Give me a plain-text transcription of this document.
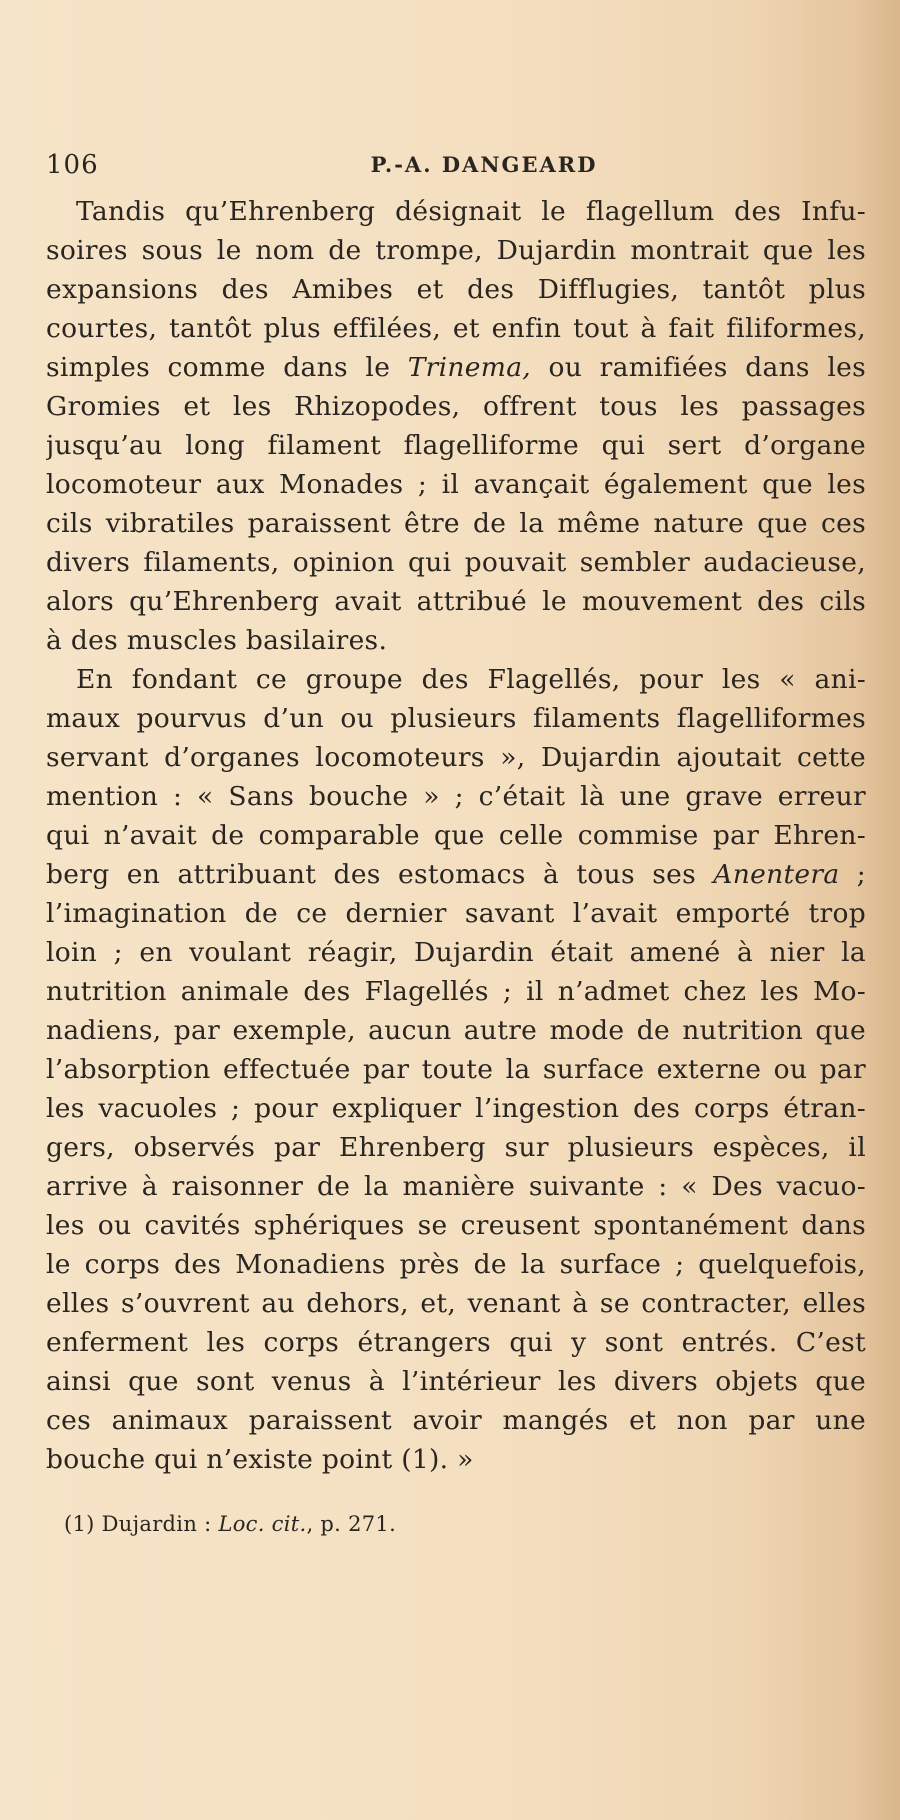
106	P.-A. DANGEARD
Tandis qu’Ehrenberg désignait le flagellum des Infu-
soires sous le nom de trompe, Dujardin montrait que les
expansions des Amibes et des Difflugies, tantôt plus
courtes, tantôt plus effilées, et enfin tout à fait filiformes,
simples comme dans le Trinema, ou ramifiées dans les
Gromies et les Rhizopodes, offrent tous les passages
jusqu’au long filament flagelliforme qui sert d’organe
locomoteur aux Monades ; il avançait également que les
cils vibratiles paraissent être de la même nature que ces
divers filaments, opinion qui pouvait sembler audacieuse,
alors qu’Ehrenberg avait attribué le mouvement des cils
à des muscles basilaires.
En fondant ce groupe des Flagellés, pour les « ani-
maux pourvus d’un ou plusieurs filaments flagelliformes
servant d’organes locomoteurs », Dujardin ajoutait cette
mention : « Sans bouche » ; c’était là une grave erreur
qui n’avait de comparable que celle commise par Ehren-
berg en attribuant des estomacs à tous ses Anentera ;
l’imagination de ce dernier savant l’avait emporté trop
loin ; en voulant réagir, Dujardin était amené à nier la
nutrition animale des Flagellés ; il n’admet chez les Mo-
nadiens, par exemple, aucun autre mode de nutrition que
l’absorption effectuée par toute la surface externe ou par
les vacuoles ; pour expliquer l’ingestion des corps étran-
gers, observés par Ehrenberg sur plusieurs espèces, il
arrive à raisonner de la manière suivante : « Des vacuo-
les ou cavités sphériques se creusent spontanément dans
le corps des Monadiens près de la surface ; quelquefois,
elles s’ouvrent au dehors, et, venant à se contracter, elles
enferment les corps étrangers qui y sont entrés. C’est
ainsi que sont venus à l’intérieur les divers objets que
ces animaux paraissent avoir mangés et non par une
bouche qui n’existe point (1). »
(1) Dujardin : Loc. cit., p. 271.
